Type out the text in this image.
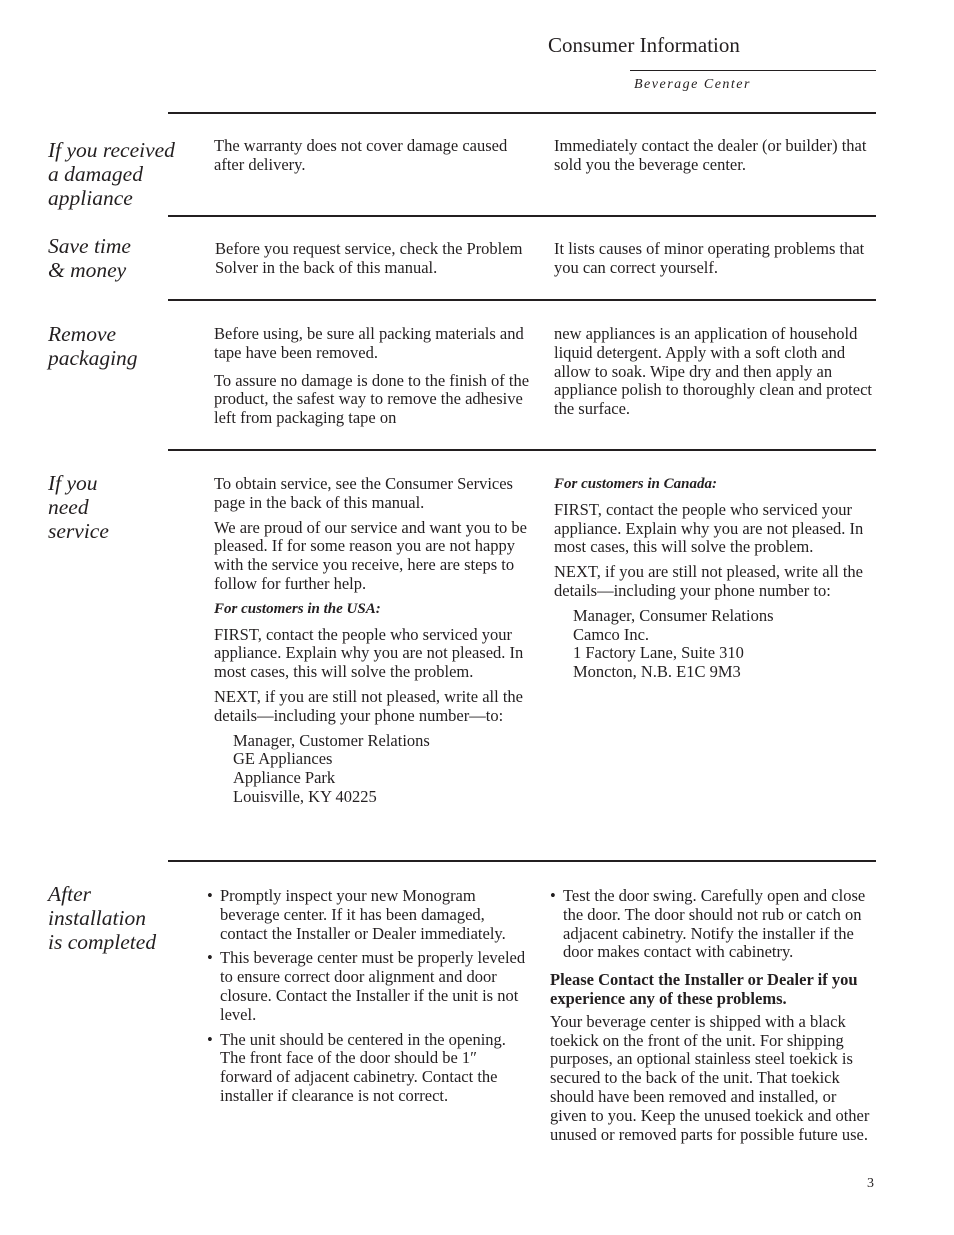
Consumer Information
Beverage Center
If you received
a damaged
appliance
The warranty does not cover damage caused after delivery.
Immediately contact the dealer (or builder) that sold you the beverage center.
Save time
& money
Before you request service, check the Problem Solver in the back of this manual.
It lists causes of minor operating problems that you can correct yourself.
Remove
packaging

Before using, be sure all packing materials and tape have been removed.

To assure no damage is done to the finish of the product, the safest way to remove the adhesive left from packaging tape on

new appliances is an application of household liquid detergent. Apply with a soft cloth and allow to soak. Wipe dry and then apply an appliance polish to thoroughly clean and protect the surface.
If you
need
service

To obtain service, see the Consumer Services page in the back of this manual.

We are proud of our service and want you to be pleased. If for some reason you are not happy with the service you receive, here are steps to follow for further help.

For customers in the USA:

FIRST, contact the people who serviced your appliance. Explain why you are not pleased. In most cases, this will solve the problem.

NEXT, if you are still not pleased, write all the details—including your phone number—to:

Manager, Customer Relations
GE Appliances
Appliance Park
Louisville, KY 40225

For customers in Canada:

FIRST, contact the people who serviced your appliance. Explain why you are not pleased. In most cases, this will solve the problem.

NEXT, if you are still not pleased, write all the details—including your phone number to:

Manager, Consumer Relations
Camco Inc.
1 Factory Lane, Suite 310
Moncton, N.B. E1C 9M3
After
installation
is completed

• Promptly inspect your new Monogram beverage center. If it has been damaged, contact the Installer or Dealer immediately.

• This beverage center must be properly leveled to ensure correct door alignment and door closure. Contact the Installer if the unit is not level.

• The unit should be centered in the opening. The front face of the door should be 1″ forward of adjacent cabinetry. Contact the installer if clearance is not correct.

• Test the door swing. Carefully open and close the door. The door should not rub or catch on adjacent cabinetry. Notify the installer if the door makes contact with cabinetry.

Please Contact the Installer or Dealer if you experience any of these problems.

Your beverage center is shipped with a black toekick on the front of the unit. For shipping purposes, an optional stainless steel toekick is secured to the back of the unit. That toekick should have been removed and installed, or given to you. Keep the unused toekick and other unused or removed parts for possible future use.

3
